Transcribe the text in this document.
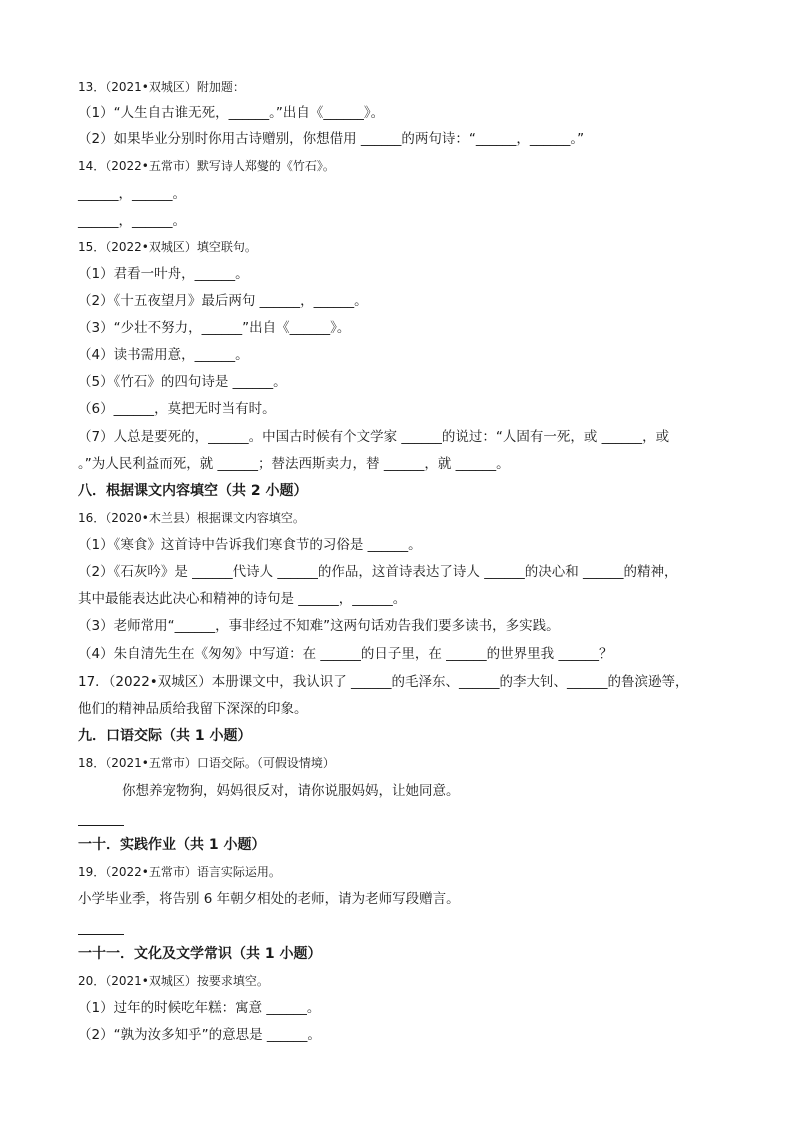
13．（2021•双城区）附加题：
（1）“人生自古谁无死，______。”出自《______》。
（2）如果毕业分别时你用古诗赠别，你想借用 ______的两句诗：“______，______。”
14．（2022•五常市）默写诗人郑燮的《竹石》。
______，______。
______，______。
15．（2022•双城区）填空联句。
（1）君看一叶舟，______。
（2）《十五夜望月》最后两句 ______，______。
（3）“少壮不努力，______”出自《______》。
（4）读书需用意，______。
（5）《竹石》的四句诗是 ______。
（6）______，莫把无时当有时。
（7）人总是要死的，______。中国古时候有个文学家 ______的说过：“人固有一死，或 ______，或
。”为人民利益而死，就 ______；替法西斯卖力，替 ______，就 ______。
八．根据课文内容填空（共 2 小题）
16．（2020•木兰县）根据课文内容填空。
（1）《寒食》这首诗中告诉我们寒食节的习俗是 ______。
（2）《石灰吟》是 ______代诗人 ______的作品，这首诗表达了诗人 ______的决心和 ______的精神，
其中最能表达此决心和精神的诗句是 ______，______。
（3）老师常用“______，事非经过不知难”这两句话劝告我们要多读书，多实践。
（4）朱自清先生在《匆匆》中写道：在 ______的日子里，在 ______的世界里我 ______？
17．（2022•双城区）本册课文中，我认识了 ______的毛泽东、______的李大钊、______的鲁滨逊等，
他们的精神品质给我留下深深的印象。
九．口语交际（共 1 小题）
18．（2021•五常市）口语交际。（可假设情境）
你想养宠物狗，妈妈很反对，请你说服妈妈，让她同意。
一十．实践作业（共 1 小题）
19．（2022•五常市）语言实际运用。
小学毕业季，将告别 6 年朝夕相处的老师，请为老师写段赠言。
一十一．文化及文学常识（共 1 小题）
20．（2021•双城区）按要求填空。
（1）过年的时候吃年糕：寓意 ______。
（2）“孰为汝多知乎”的意思是 ______。
